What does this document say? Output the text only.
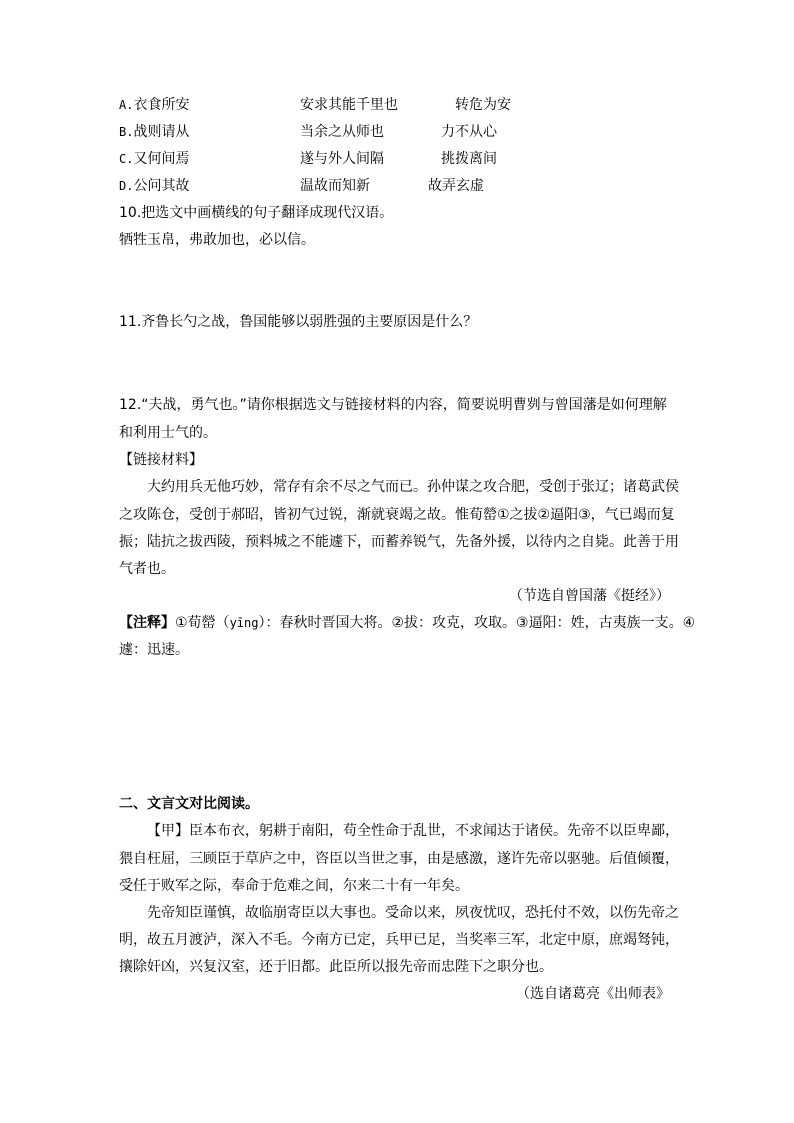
A.衣食所安	安求其能千里也	转危为安
B.战则请从	当余之从师也	力不从心
C.又何间焉	遂与外人间隔	挑拨离间
D.公问其故	温故而知新	故弄玄虚
10.把选文中画横线的句子翻译成现代汉语。
牺牲玉帛，弗敢加也，必以信。
11.齐鲁长勺之战，鲁国能够以弱胜强的主要原因是什么？
12.“夫战，勇气也。”请你根据选文与链接材料的内容，简要说明曹刿与曾国藩是如何理解
和利用士气的。
【链接材料】
大约用兵无他巧妙，常存有余不尽之气而已。孙仲谋之攻合肥，受创于张辽；诸葛武侯
之攻陈仓，受创于郝昭，皆初气过锐，渐就衰竭之故。惟荀罃①之拔②逼阳③，气已竭而复
振；陆抗之拔西陵，预料城之不能遽下，而蓄养锐气，先备外援，以待内之自毙。此善于用
气者也。
（节选自曾国藩《挺经》）
【注释】①荀罃（yīng）：春秋时晋国大将。②拔：攻克，攻取。③逼阳：姓，古夷族一支。④
遽：迅速。
二、文言文对比阅读。
【甲】臣本布衣，躬耕于南阳，苟全性命于乱世，不求闻达于诸侯。先帝不以臣卑鄙，
猥自枉屈，三顾臣于草庐之中，咨臣以当世之事，由是感激，遂许先帝以驱驰。后值倾覆，
受任于败军之际，奉命于危难之间，尔来二十有一年矣。
先帝知臣谨慎，故临崩寄臣以大事也。受命以来，夙夜忧叹，恐托付不效，以伤先帝之
明，故五月渡泸，深入不毛。今南方已定，兵甲已足，当奖率三军，北定中原，庶竭驽钝，
攘除奸凶，兴复汉室，还于旧都。此臣所以报先帝而忠陛下之职分也。
（选自诸葛亮《出师表》
